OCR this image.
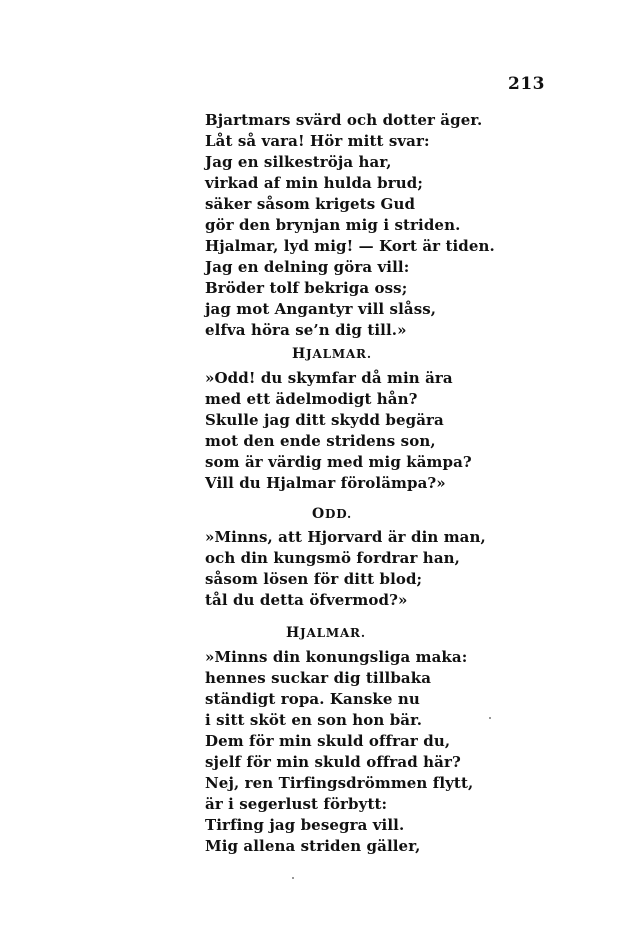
213
Bjartmars svärd och dotter äger.
Låt så vara! Hör mitt svar:
Jag en silkeströja har,
virkad af min hulda brud;
säker såsom krigets Gud
gör den brynjan mig i striden.
Hjalmar, lyd mig! — Kort är tiden.
Jag en delning göra vill:
Bröder tolf bekriga oss;
jag mot Angantyr vill slåss,
elfva höra se’n dig till.»
HJALMAR.
»Odd! du skymfar då min ära
med ett ädelmodigt hån?
Skulle jag ditt skydd begära
mot den ende stridens son,
som är värdig med mig kämpa?
Vill du Hjalmar förolämpa?»
ODD.
»Minns, att Hjorvard är din man,
och din kungsmö fordrar han,
såsom lösen för ditt blod;
tål du detta öfvermod?»
HJALMAR.
»Minns din konungsliga maka:
hennes suckar dig tillbaka
ständigt ropa. Kanske nu
i sitt sköt en son hon bär.
Dem för min skuld offrar du,
sjelf för min skuld offrad här?
Nej, ren Tirfingsdrömmen flytt,
är i segerlust förbytt:
Tirfing jag besegra vill.
Mig allena striden gäller,
